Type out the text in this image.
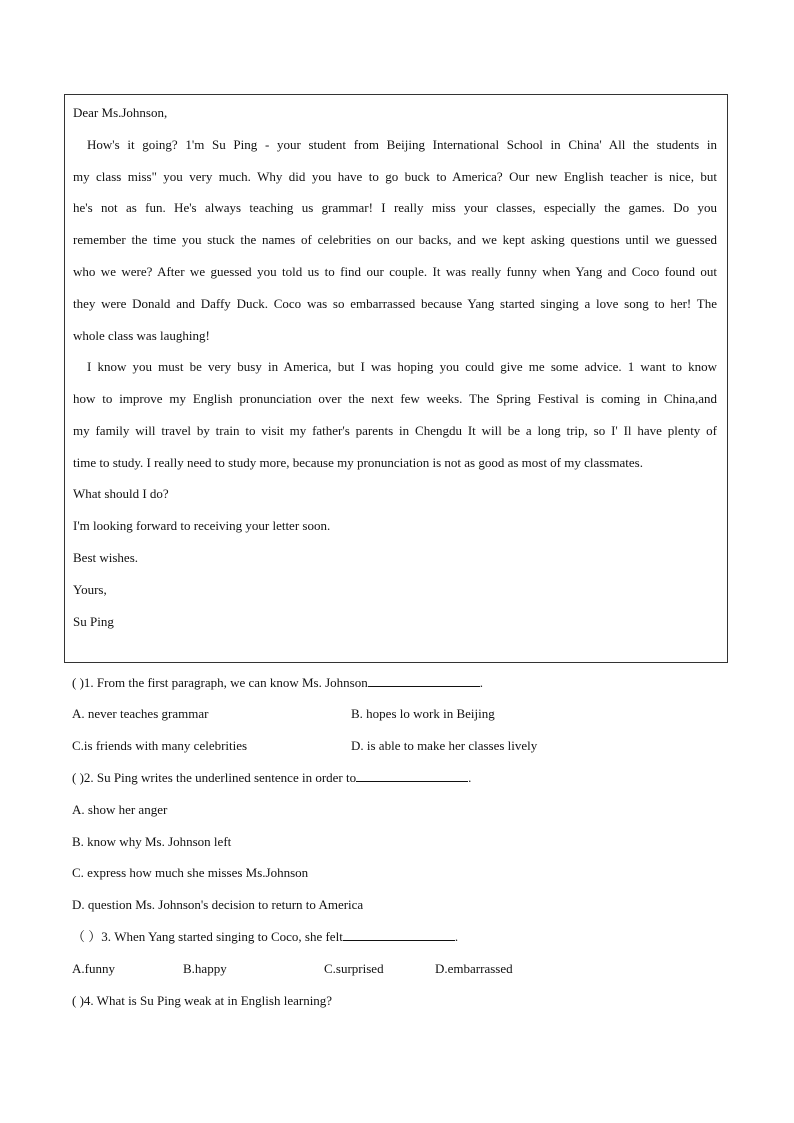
Dear Ms.Johnson,
How's it going? 1'm Su Ping - your student from Beijing International School in China' All the students in
my class miss" you very much. Why did you have to go buck to America? Our new English teacher is nice, but
he's not as fun. He's always teaching us grammar! I really miss your classes, especially the games. Do you
remember the time you stuck the names of celebrities on our backs, and we kept asking questions until we guessed
who we were? After we guessed you told us to find our couple. It was really funny when Yang and Coco found out
they were Donald and Daffy Duck. Coco was so embarrassed because Yang started singing a love song to her! The
whole class was laughing!
I know you must be very busy in America, but I was hoping you could give me some advice. 1 want to know
how to improve my English pronunciation over the next few weeks. The Spring Festival is coming in China,and
my family will travel by train to visit my father's parents in Chengdu It will be a long trip, so I' Il have plenty of
time to study. I really need to study more, because my pronunciation is not as good as most of my classmates.
What should I do?
I'm looking forward to receiving your letter soon.
Best wishes.
Yours,
Su Ping
( )1. From the first paragraph, we can know Ms. Johnson	.
A. never teaches grammar	B. hopes lo work in Beijing
C.is friends with many celebrities	D. is able to make her classes lively
( )2. Su Ping writes the underlined sentence in order to	.
A. show her anger
B. know why Ms. Johnson left
C. express how much she misses Ms.Johnson
D. question Ms. Johnson's decision to return to America
（ ）3. When Yang started singing to Coco, she felt	.
A.funny	B.happy	C.surprised	D.embarrassed
( )4. What is Su Ping weak at in English learning?
